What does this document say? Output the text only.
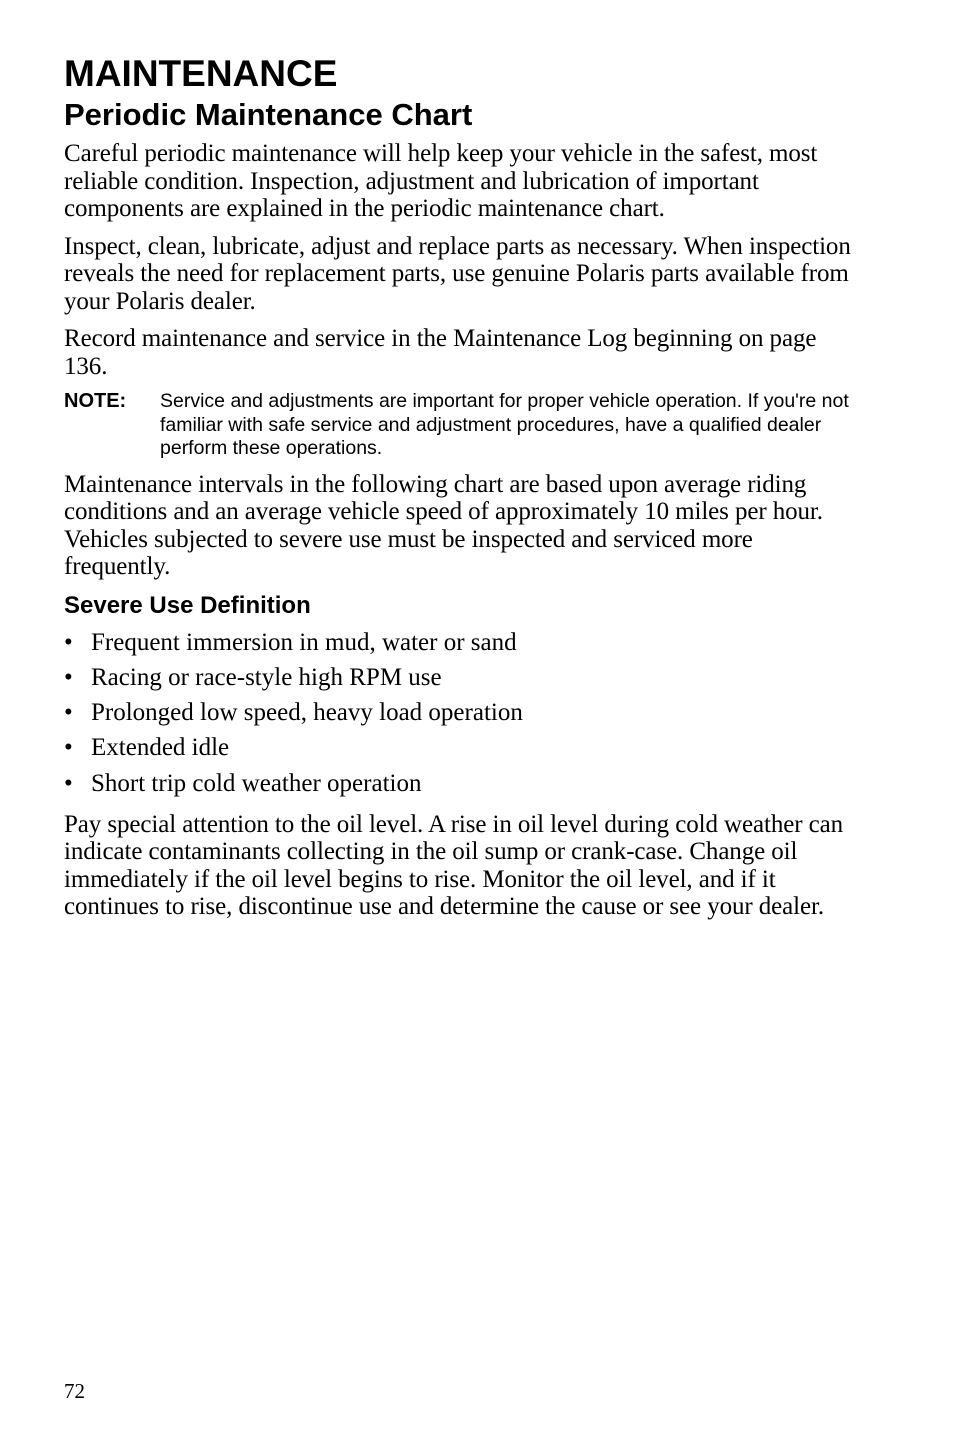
MAINTENANCE
Periodic Maintenance Chart

Careful periodic maintenance will help keep your vehicle in the safest, most reliable condition. Inspection, adjustment and lubrication of important components are explained in the periodic maintenance chart.

Inspect, clean, lubricate, adjust and replace parts as necessary. When inspection reveals the need for replacement parts, use genuine Polaris parts available from your Polaris dealer.

Record maintenance and service in the Maintenance Log beginning on page 136.

NOTE:	Service and adjustments are important for proper vehicle operation. If you're not familiar with safe service and adjustment procedures, have a qualified dealer perform these operations.

Maintenance intervals in the following chart are based upon average riding conditions and an average vehicle speed of approximately 10 miles per hour. Vehicles subjected to severe use must be inspected and serviced more frequently.

Severe Use Definition
• Frequent immersion in mud, water or sand
• Racing or race-style high RPM use
• Prolonged low speed, heavy load operation
• Extended idle
• Short trip cold weather operation

Pay special attention to the oil level. A rise in oil level during cold weather can indicate contaminants collecting in the oil sump or crank-case. Change oil immediately if the oil level begins to rise. Monitor the oil level, and if it continues to rise, discontinue use and determine the cause or see your dealer.

72
